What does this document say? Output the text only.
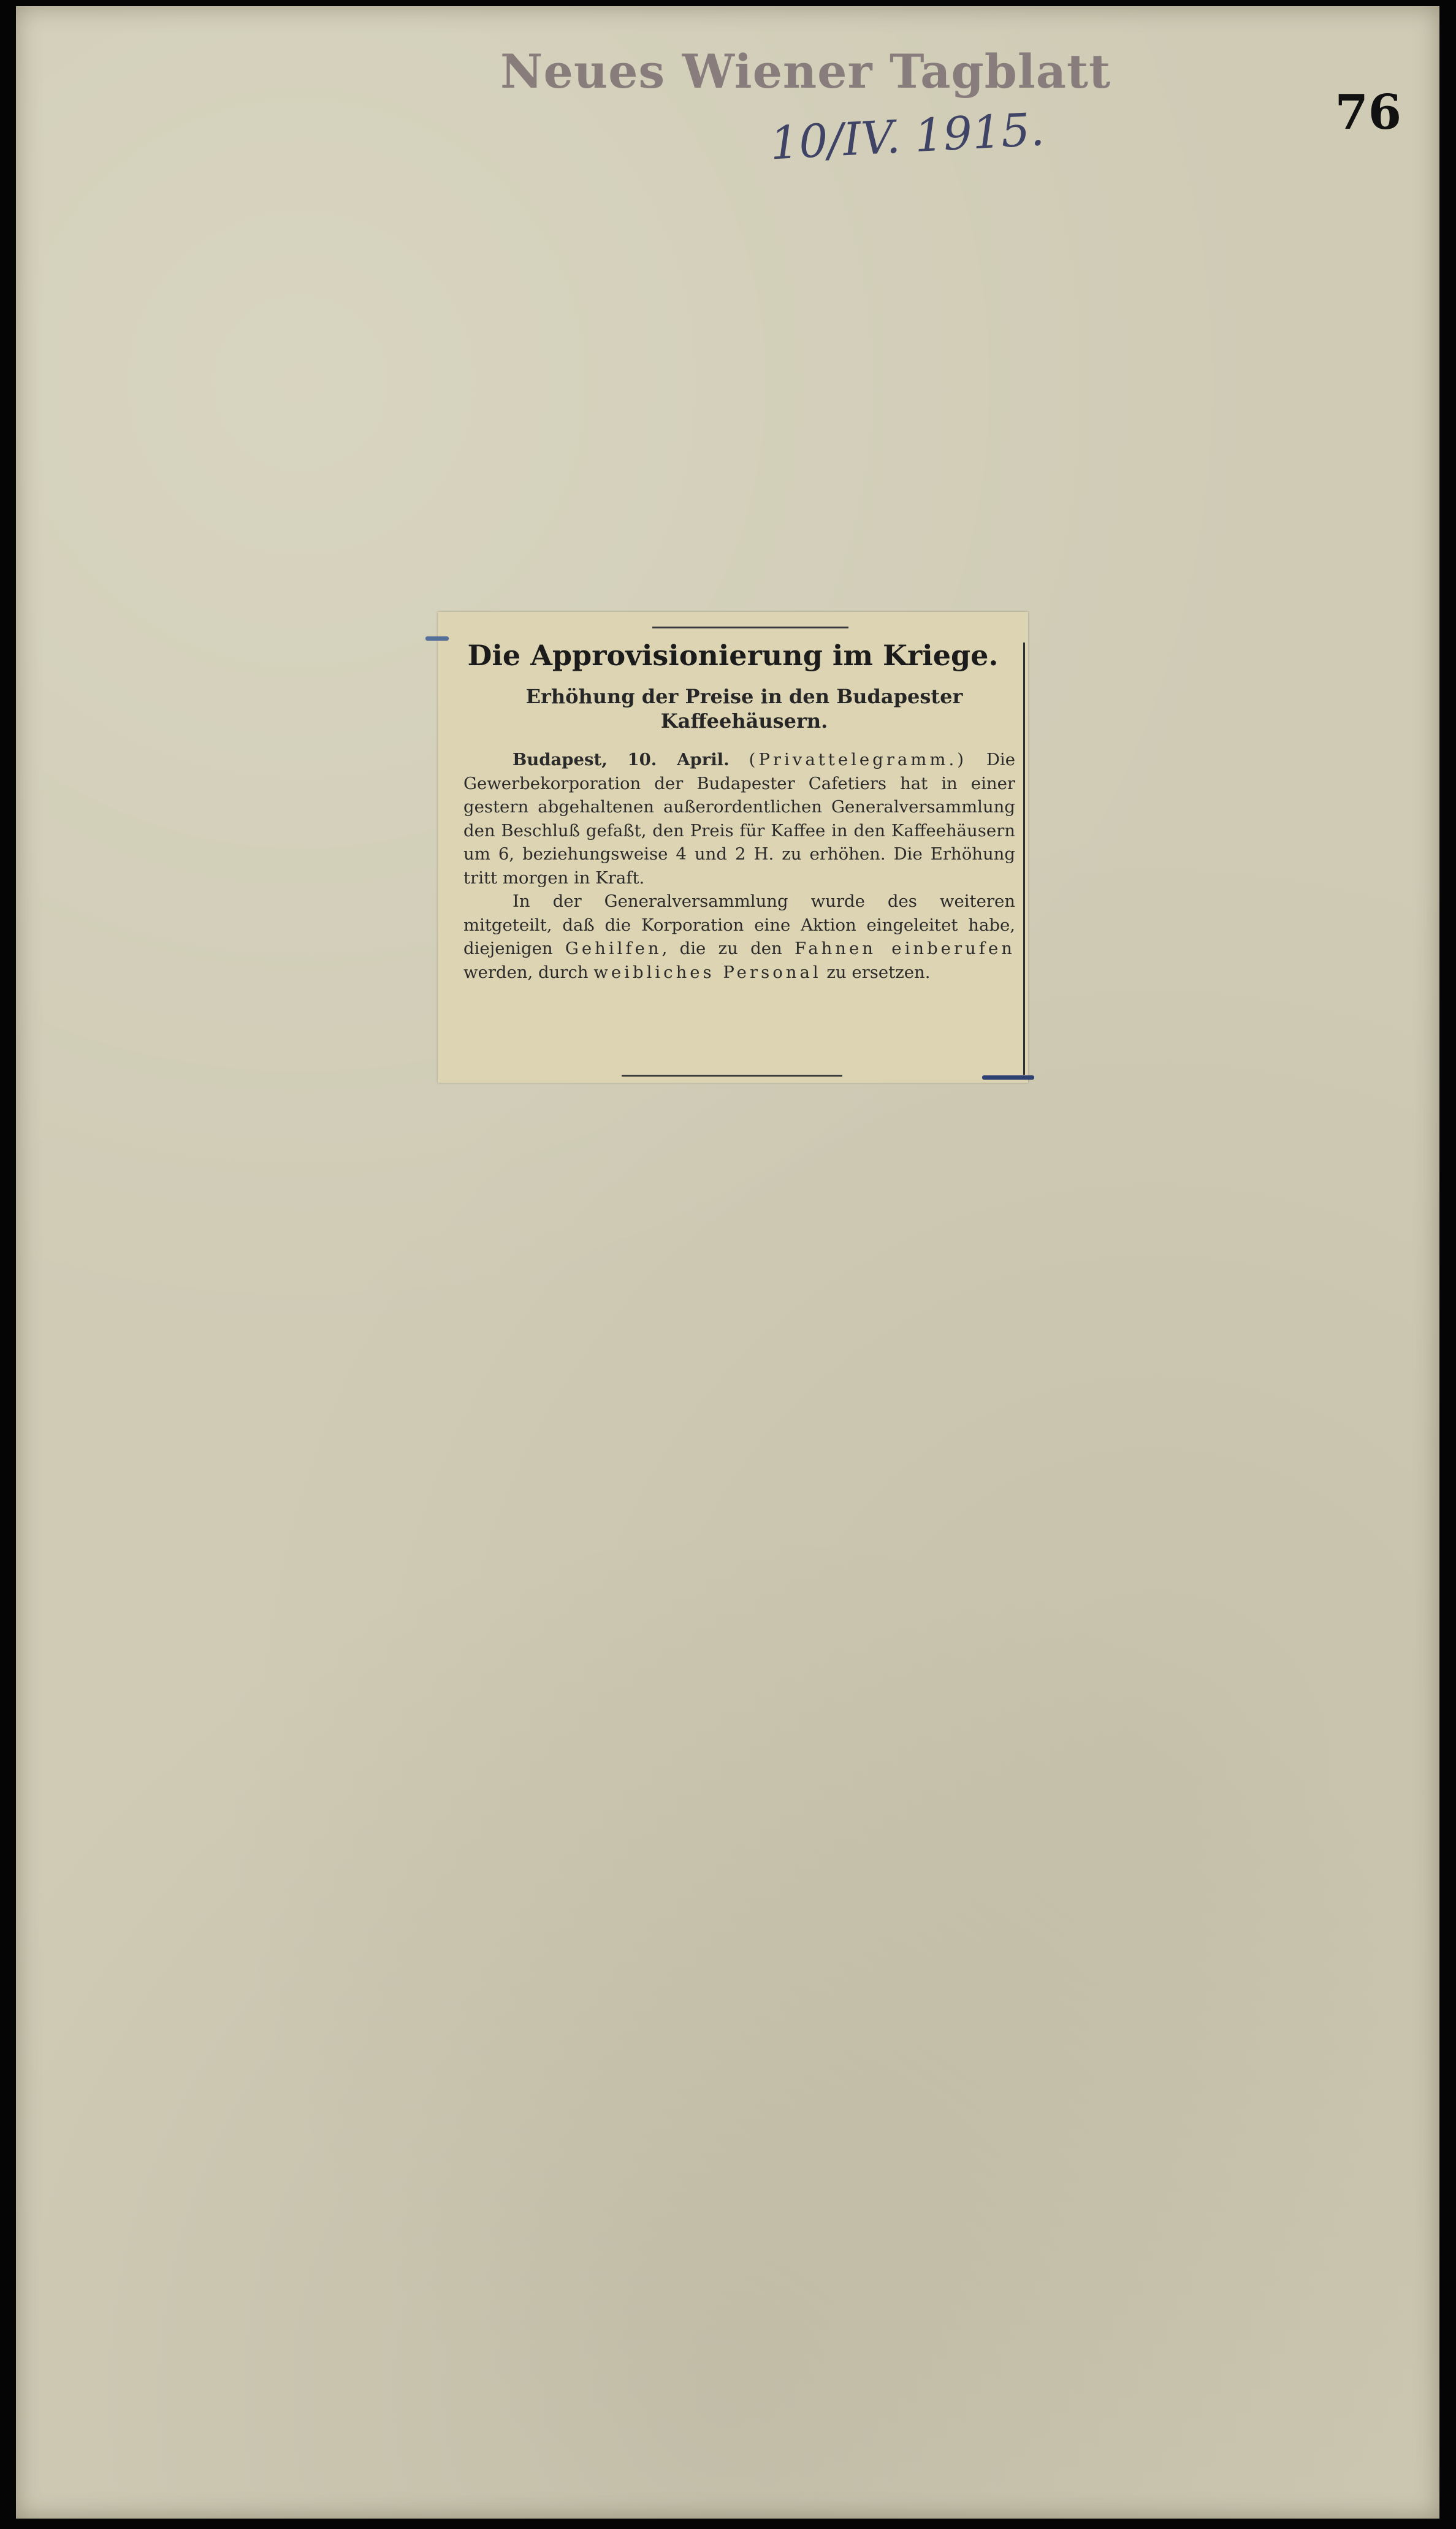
Neues Wiener Tagblatt
10/IV. 1915.	76
Die Approvisionierung im Kriege.
Erhöhung der Preise in den Budapester Kaffeehäusern.

Budapest, 10. April. (Privattelegramm.) Die Gewerbekorporation der Budapester Cafetiers hat in einer gestern abgehaltenen außerordentlichen Generalversammlung den Beschluß gefaßt, den Preis für Kaffee in den Kaffeehäusern um 6, beziehungsweise 4 und 2 H. zu erhöhen. Die Erhöhung tritt morgen in Kraft.

In der Generalversammlung wurde des weiteren mitgeteilt, daß die Korporation eine Aktion eingeleitet habe, diejenigen Gehilfen, die zu den Fahnen einberufen werden, durch weibliches Personal zu ersetzen.
